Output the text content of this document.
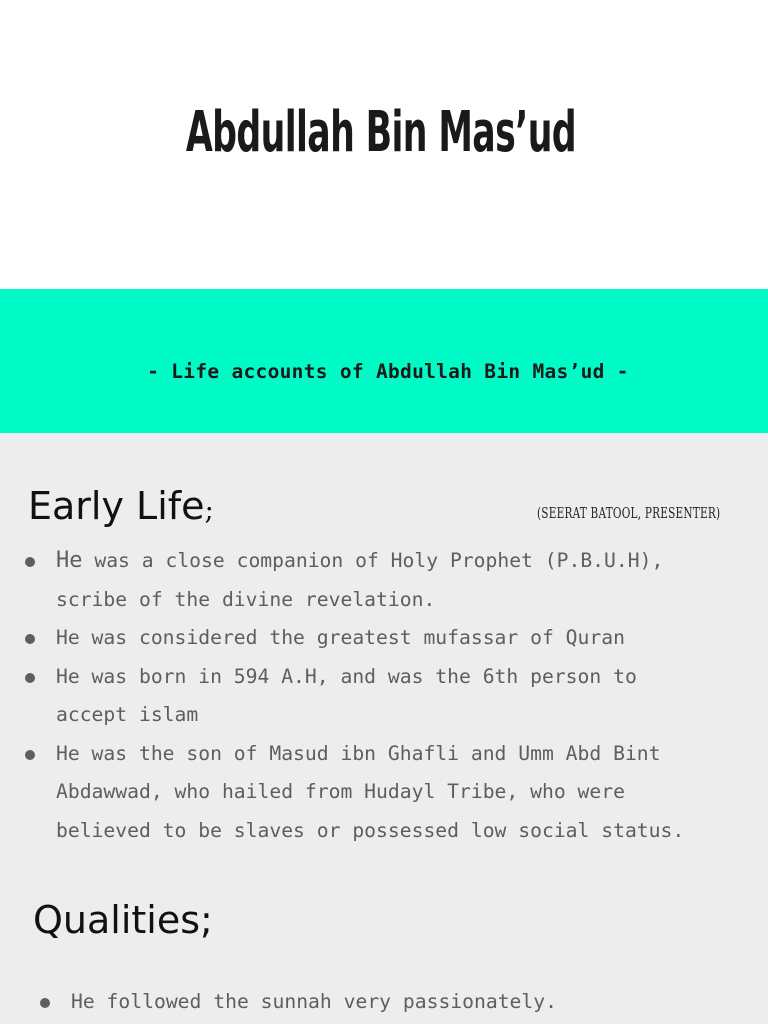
Abdullah Bin Mas’ud
- Life accounts of Abdullah Bin Mas’ud -
Early Life;	(SEERAT BATOOL, PRESENTER)
He was a close companion of Holy Prophet (P.B.U.H),
scribe of the divine revelation.
He was considered the greatest mufassar of Quran
He was born in 594 A.H, and was the 6th person to
accept islam
He was the son of Masud ibn Ghafli and Umm Abd Bint
Abdawwad, who hailed from Hudayl Tribe, who were
believed to be slaves or possessed low social status.
Qualities;
He followed the sunnah very passionately.
